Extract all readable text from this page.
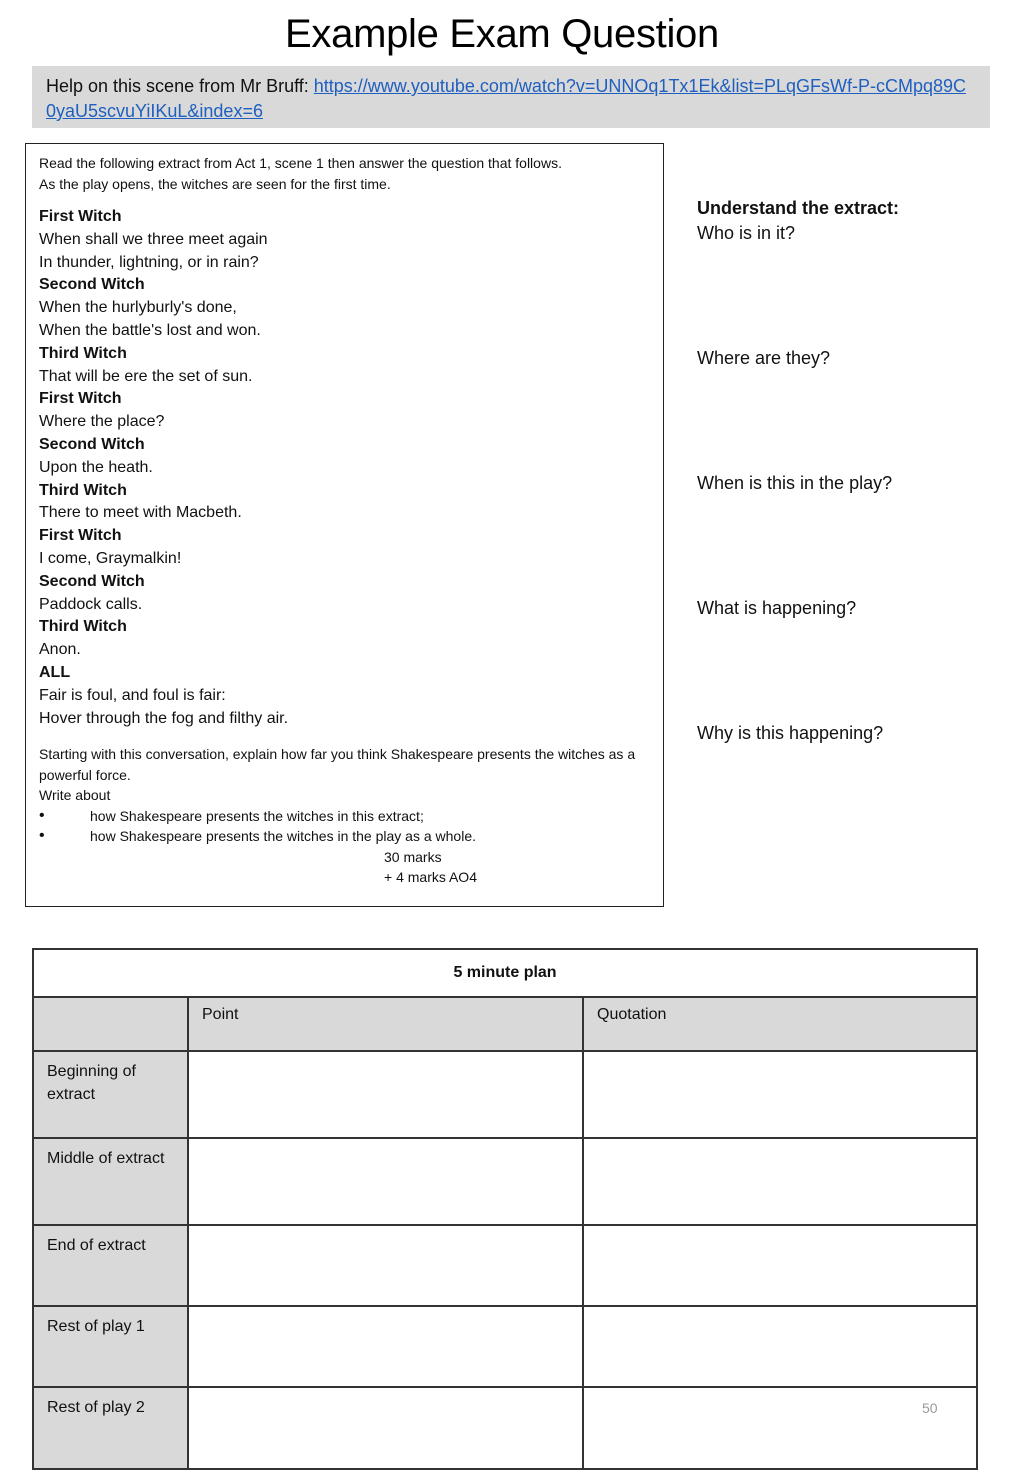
Example Exam Question
Help on this scene from Mr Bruff: https://www.youtube.com/watch?v=UNNOq1Tx1Ek&list=PLqGFsWf-P-cCMpq89C0yaU5scvuYiIKuL&index=6
Read the following extract from Act 1, scene 1 then answer the question that follows.
As the play opens, the witches are seen for the first time.
First Witch
When shall we three meet again
In thunder, lightning, or in rain?
Second Witch
When the hurlyburly's done,
When the battle's lost and won.
Third Witch
That will be ere the set of sun.
First Witch
Where the place?
Second Witch
Upon the heath.
Third Witch
There to meet with Macbeth.
First Witch
I come, Graymalkin!
Second Witch
Paddock calls.
Third Witch
Anon.
ALL
Fair is foul, and foul is fair:
Hover through the fog and filthy air.
Starting with this conversation, explain how far you think Shakespeare presents the witches as a powerful force.
Write about
• how Shakespeare presents the witches in this extract;
• how Shakespeare presents the witches in the play as a whole.
30 marks
+ 4 marks AO4
Understand the extract:
Who is in it?
Where are they?
When is this in the play?
What is happening?
Why is this happening?
5 minute plan		
	Point	Quotation
Beginning of extract		
Middle of extract		
End of extract		
Rest of play 1		
Rest of play 2			50
